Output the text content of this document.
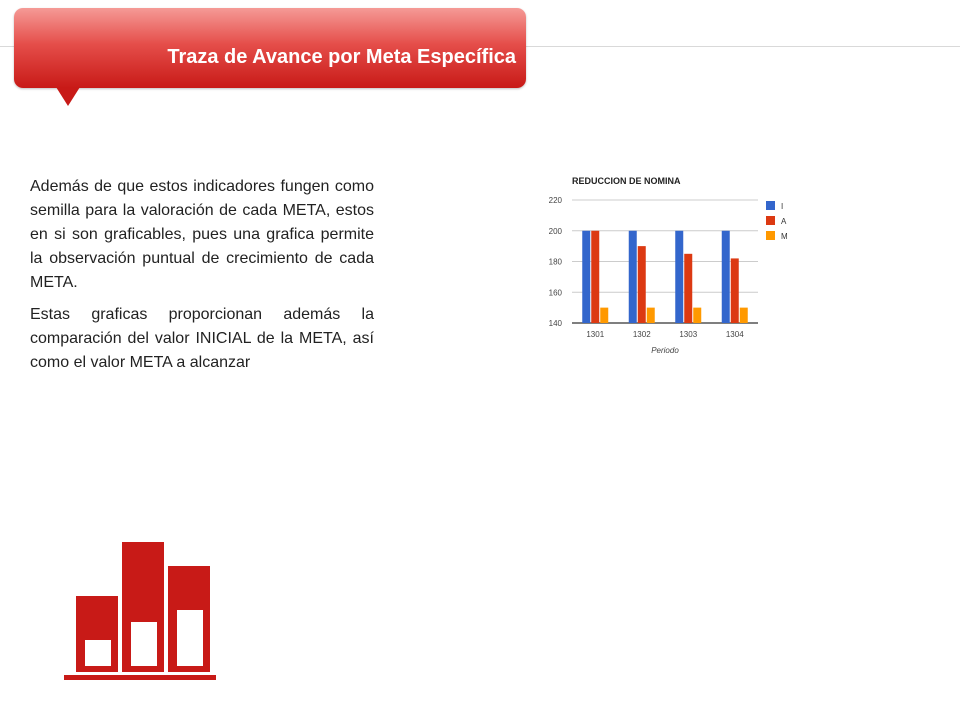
Traza de Avance por Meta Específica

Además de que estos indicadores fungen como semilla para la valoración de cada META, estos en si son graficables, pues una grafica permite la observación puntual de crecimiento de cada META.

Estas graficas proporcionan además la comparación del valor INICIAL de la META, así como el valor META a alcanzar

REDUCCION DE NOMINA
140
160
180
200
220
1301	1302	1303	1304
Periodo
I
A
M
